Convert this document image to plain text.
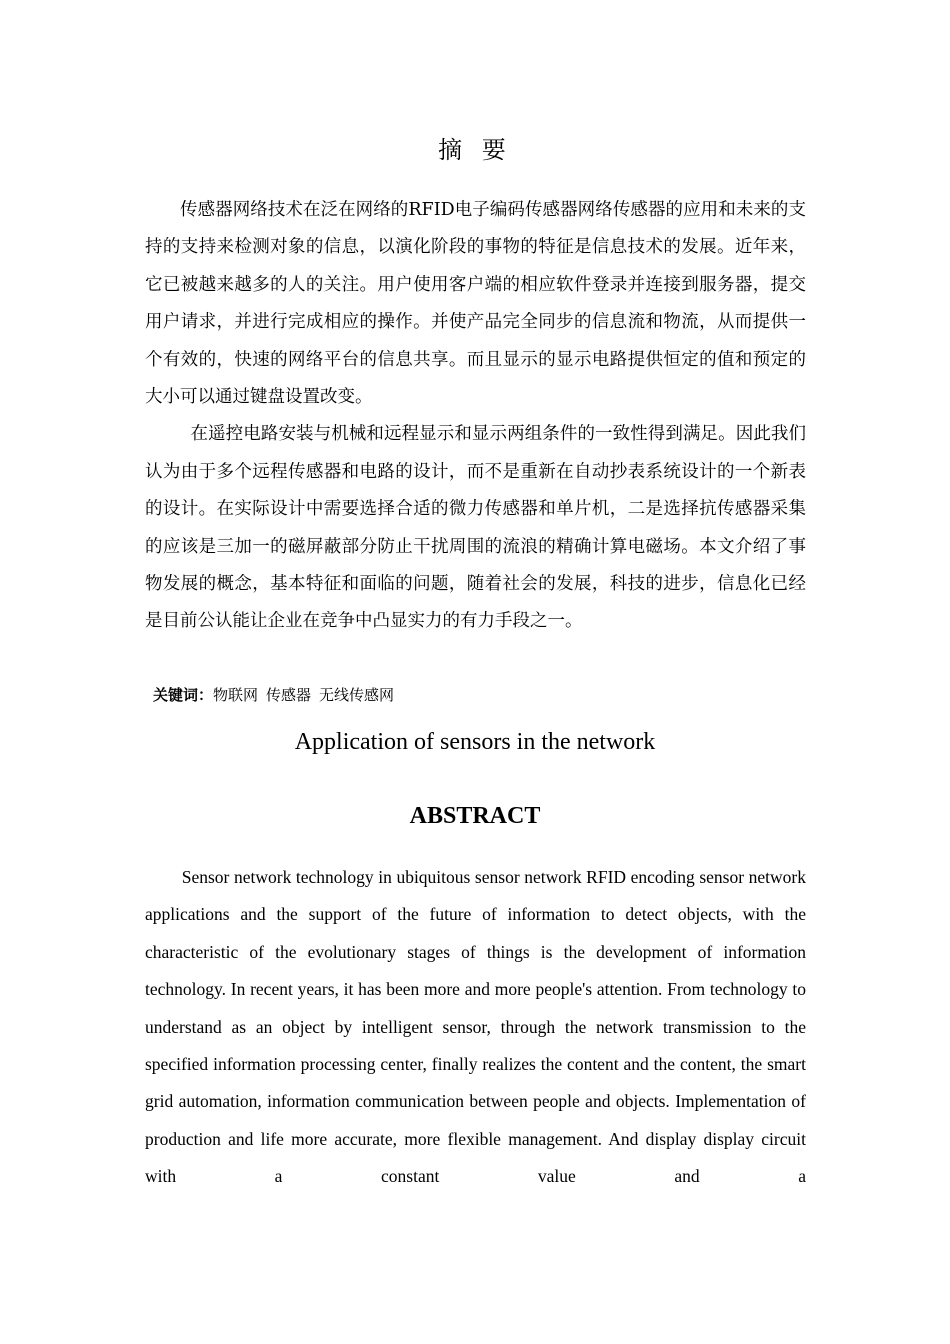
摘 要

传感器网络技术在泛在网络的RFID电子编码传感器网络传感器的应用和未来的支持的支持来检测对象的信息，以演化阶段的事物的特征是信息技术的发展。近年来，它已被越来越多的人的关注。用户使用客户端的相应软件登录并连接到服务器，提交用户请求，并进行完成相应的操作。并使产品完全同步的信息流和物流，从而提供一个有效的，快速的网络平台的信息共享。而且显示的显示电路提供恒定的值和预定的大小可以通过键盘设置改变。

在遥控电路安装与机械和远程显示和显示两组条件的一致性得到满足。因此我们认为由于多个远程传感器和电路的设计，而不是重新在自动抄表系统设计的一个新表的设计。在实际设计中需要选择合适的微力传感器和单片机，二是选择抗传感器采集的应该是三加一的磁屏蔽部分防止干扰周围的流浪的精确计算电磁场。本文介绍了事物发展的概念，基本特征和面临的问题，随着社会的发展，科技的进步，信息化已经是目前公认能让企业在竞争中凸显实力的有力手段之一。

关键词：物联网 传感器 无线传感网
Application of sensors in the network
ABSTRACT

Sensor network technology in ubiquitous sensor network RFID encoding sensor network applications and the support of the future of information to detect objects, with the characteristic of the evolutionary stages of things is the development of information technology. In recent years, it has been more and more people's attention. From technology to understand as an object by intelligent sensor, through the network transmission to the specified information processing center, finally realizes the content and the content, the smart grid automation, information communication between people and objects. Implementation of production and life more accurate, more flexible management. And display display circuit with a constant value and a
